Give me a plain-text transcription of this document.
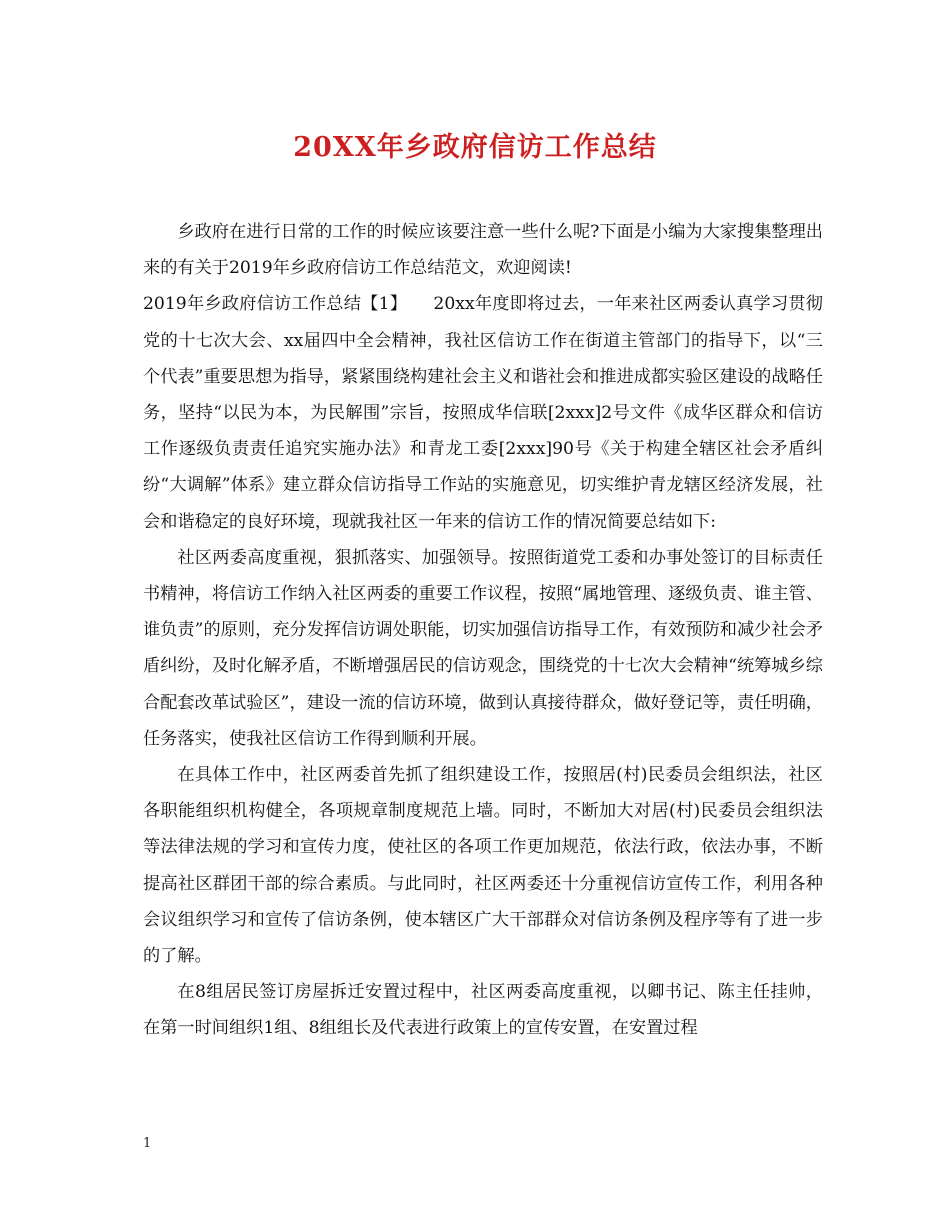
20XX年乡政府信访工作总结

乡政府在进行日常的工作的时候应该要注意一些什么呢?下面是小编为大家搜集整理出来的有关于2019年乡政府信访工作总结范文，欢迎阅读!

2019年乡政府信访工作总结【1】　　20xx年度即将过去，一年来社区两委认真学习贯彻党的十七次大会、xx届四中全会精神，我社区信访工作在街道主管部门的指导下，以“三个代表”重要思想为指导，紧紧围绕构建社会主义和谐社会和推进成都实验区建设的战略任务，坚持“以民为本，为民解围”宗旨，按照成华信联[2xxx]2号文件《成华区群众和信访工作逐级负责责任追究实施办法》和青龙工委[2xxx]90号《关于构建全辖区社会矛盾纠纷“大调解”体系》建立群众信访指导工作站的实施意见，切实维护青龙辖区经济发展，社会和谐稳定的良好环境，现就我社区一年来的信访工作的情况简要总结如下:

社区两委高度重视，狠抓落实、加强领导。按照街道党工委和办事处签订的目标责任书精神，将信访工作纳入社区两委的重要工作议程，按照“属地管理、逐级负责、谁主管、谁负责”的原则，充分发挥信访调处职能，切实加强信访指导工作，有效预防和减少社会矛盾纠纷，及时化解矛盾，不断增强居民的信访观念，围绕党的十七次大会精神“统筹城乡综合配套改革试验区”，建设一流的信访环境，做到认真接待群众，做好登记等，责任明确，任务落实，使我社区信访工作得到顺利开展。

在具体工作中，社区两委首先抓了组织建设工作，按照居(村)民委员会组织法，社区各职能组织机构健全，各项规章制度规范上墙。同时，不断加大对居(村)民委员会组织法等法律法规的学习和宣传力度，使社区的各项工作更加规范，依法行政，依法办事，不断提高社区群团干部的综合素质。与此同时，社区两委还十分重视信访宣传工作，利用各种会议组织学习和宣传了信访条例，使本辖区广大干部群众对信访条例及程序等有了进一步的了解。

在8组居民签订房屋拆迁安置过程中，社区两委高度重视，以卿书记、陈主任挂帅，在第一时间组织1组、8组组长及代表进行政策上的宣传安置，在安置过程

1
